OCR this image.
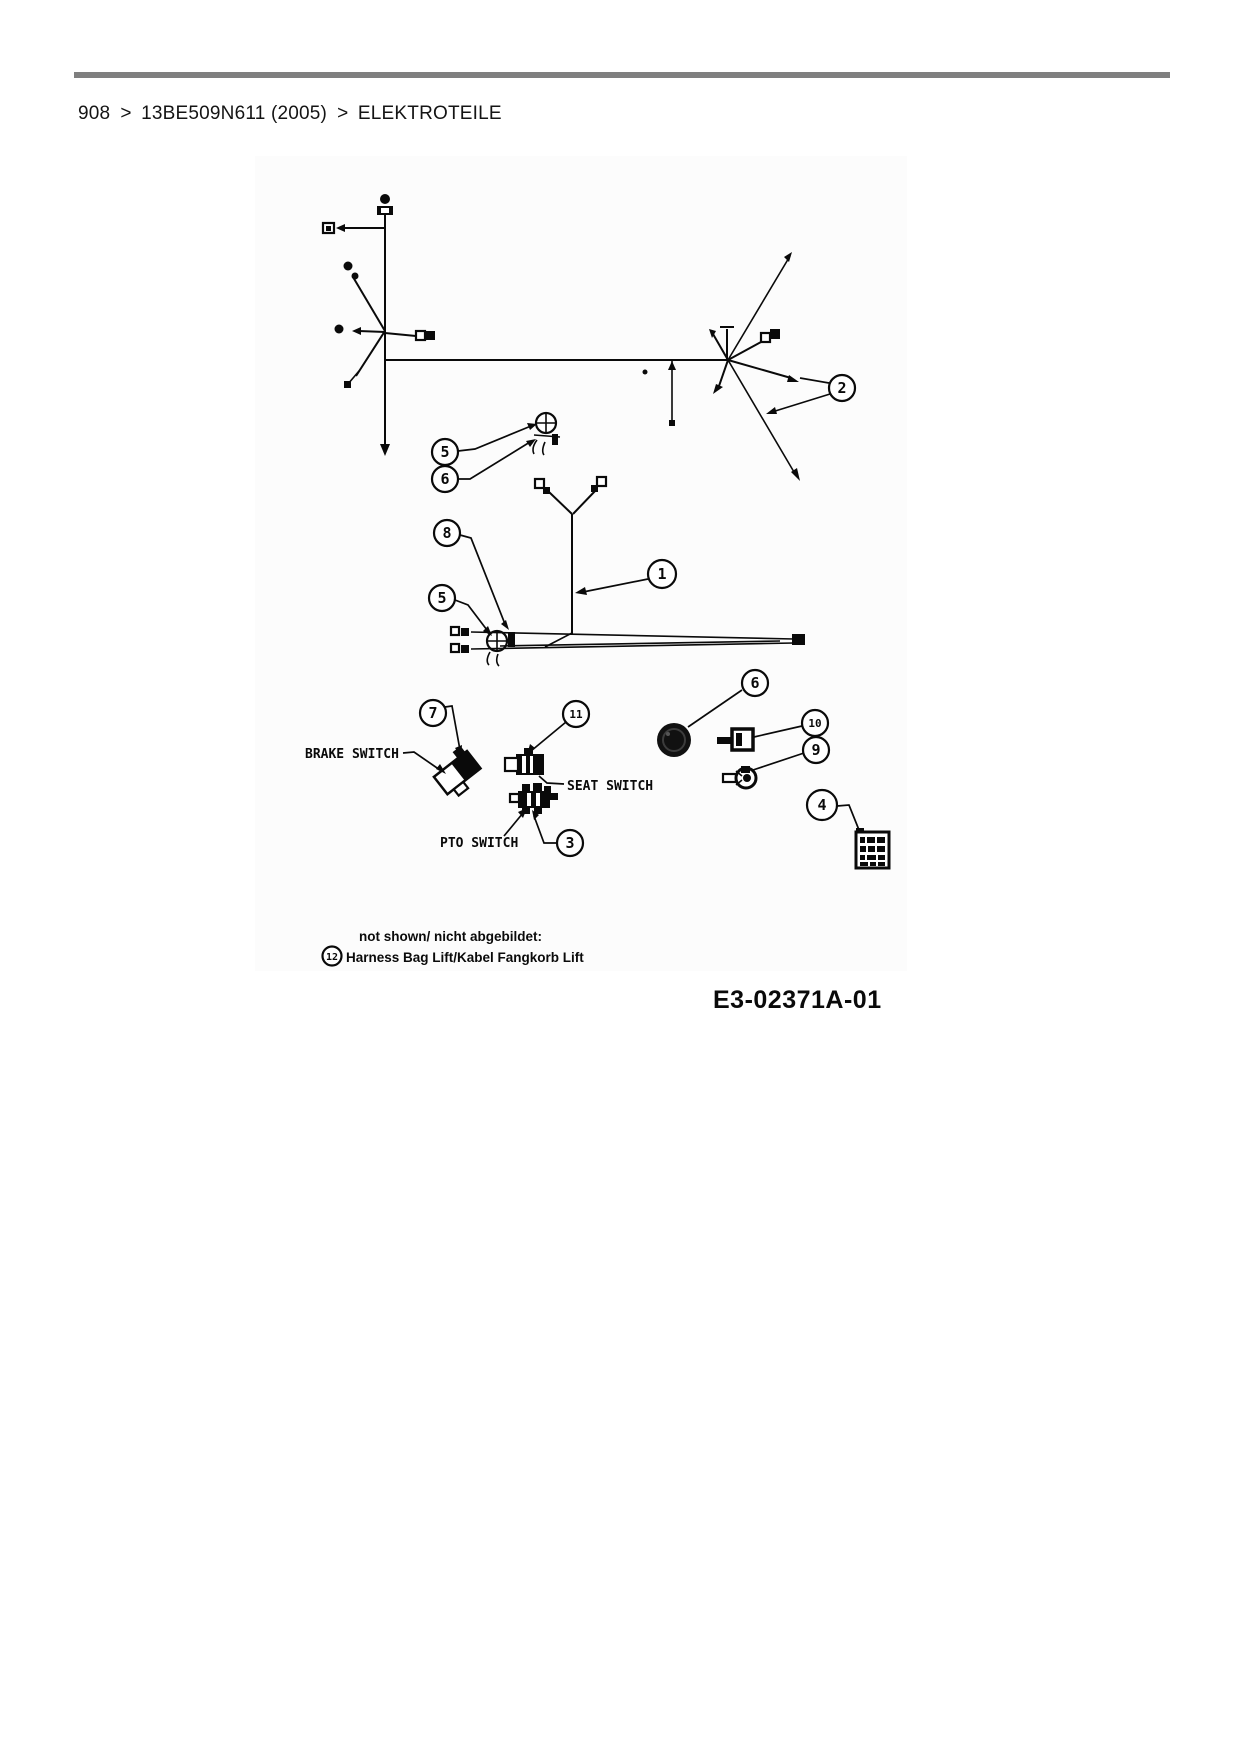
908 > 13BE509N611 (2005) > ELEKTROTEILE
2
5
6
8
5
1
7	11
6
10
9
3
4
BRAKE SWITCH
SEAT SWITCH
PTO SWITCH
not shown/ nicht abgebildet:
12 Harness Bag Lift/Kabel Fangkorb Lift
E3-02371A-01
